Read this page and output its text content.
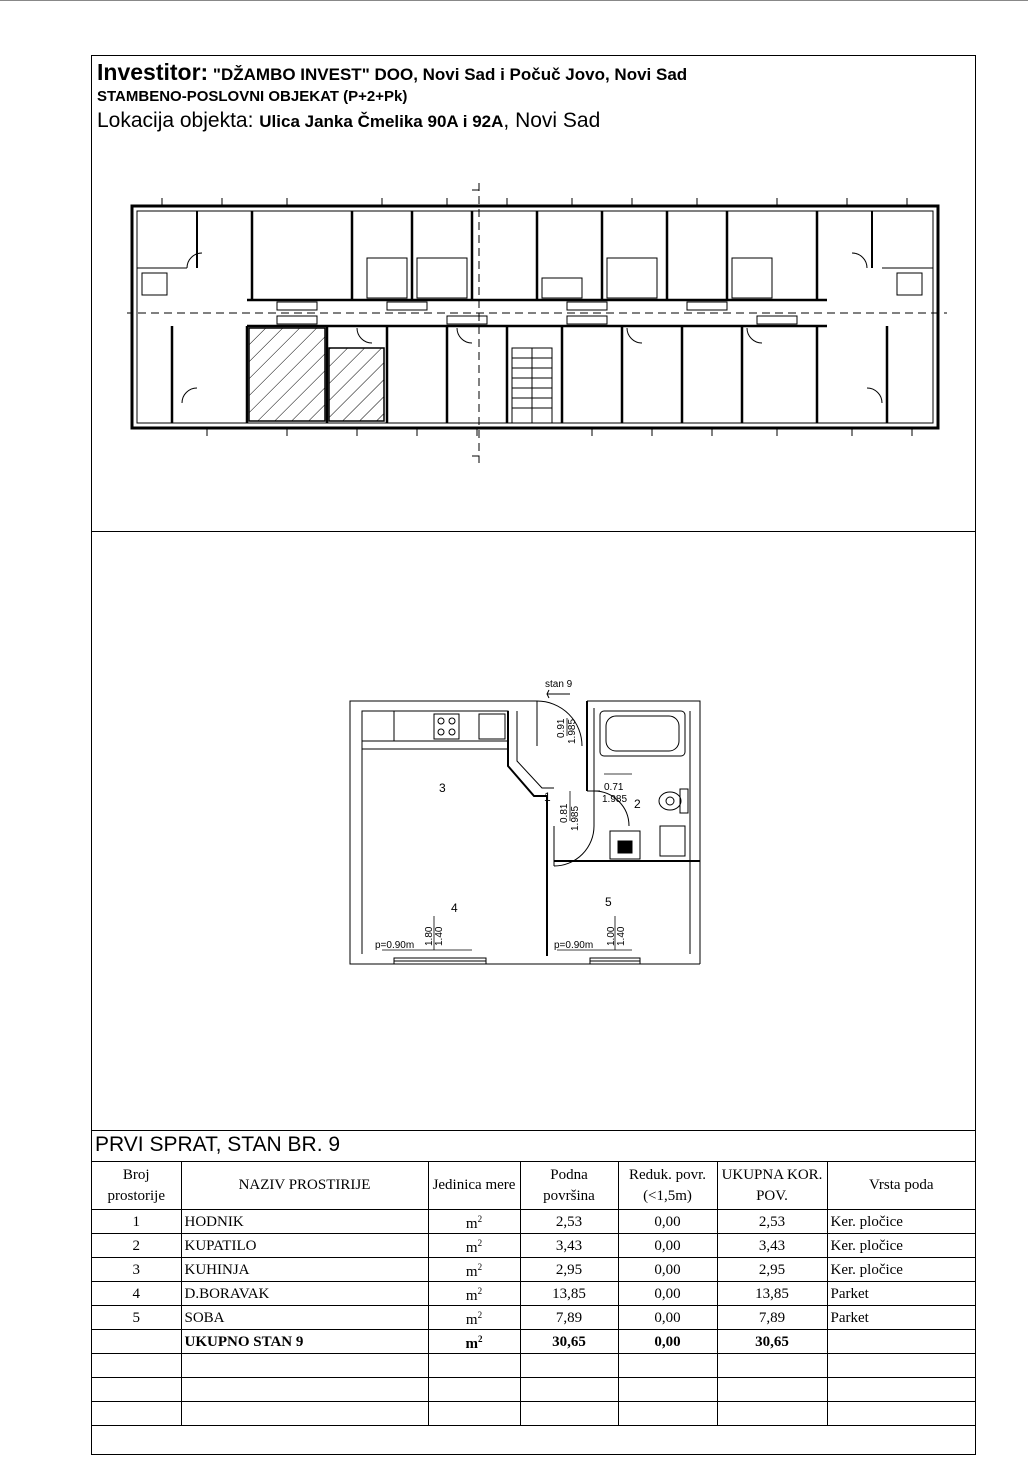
Investitor: "DŽAMBO INVEST" DOO, Novi Sad i Počuč Jovo, Novi Sad
STAMBENO-POSLOVNI OBJEKAT (P+2+Pk)
Lokacija objekta: Ulica Janka Čmelika 90A i 92A, Novi Sad
stan 9
0.91 1.985
0.71
1.985
0.81 1.985
p=0.90m 1.80 1.40	p=0.90m 1.00 1.40
1	2
3
4	5
PRVI SPRAT, STAN BR. 9
Broj prostorije	NAZIV PROSTIRIJE	Jedinica mere	Podna površina	Reduk. povr. (<1,5m)	UKUPNA KOR. POV.	Vrsta poda
1	HODNIK	$m^2$	2,53	0,00	2,53	Ker. pločice
2	KUPATILO	$m^2$	3,43	0,00	3,43	Ker. pločice
3	KUHINJA	$m^2$	2,95	0,00	2,95	Ker. pločice
4	D.BORAVAK	$m^2$	13,85	0,00	13,85	Parket
5	SOBA	$m^2$	7,89	0,00	7,89	Parket
	UKUPNO STAN 9	$m^2$	30,65	0,00	30,65	
